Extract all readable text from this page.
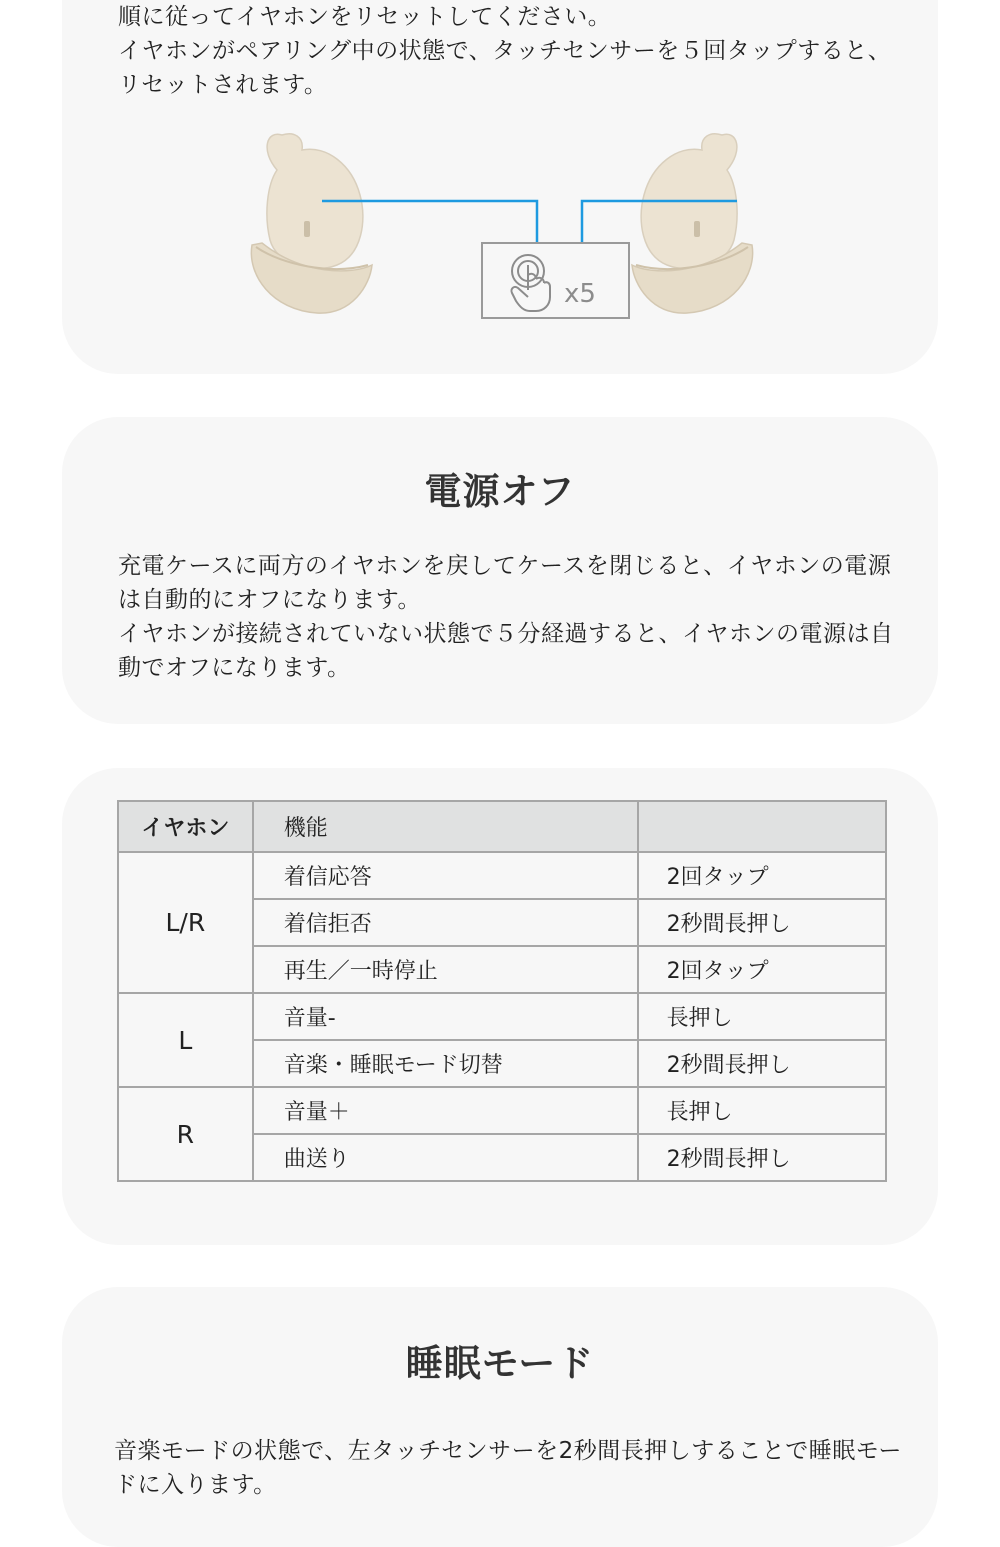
順に従ってイヤホンをリセットしてください。

イヤホンがペアリング中の状態で、タッチセンサーを５回タップすると、リセットされます。

x5
電源オフ

充電ケースに両方のイヤホンを戻してケースを閉じると、イヤホンの電源は自動的にオフになります。

イヤホンが接続されていない状態で５分経過すると、イヤホンの電源は自動でオフになります。

イヤホン	機能	
L/R	着信応答	2回タップ
	着信拒否	2秒間長押し
	再生／一時停止	2回タップ
L	音量-	長押し
	音楽・睡眠モード切替	2秒間長押し
R	音量＋	長押し
	曲送り	2秒間長押し
睡眠モード

音楽モードの状態で、左タッチセンサーを2秒間長押しすることで睡眠モードに入ります。
